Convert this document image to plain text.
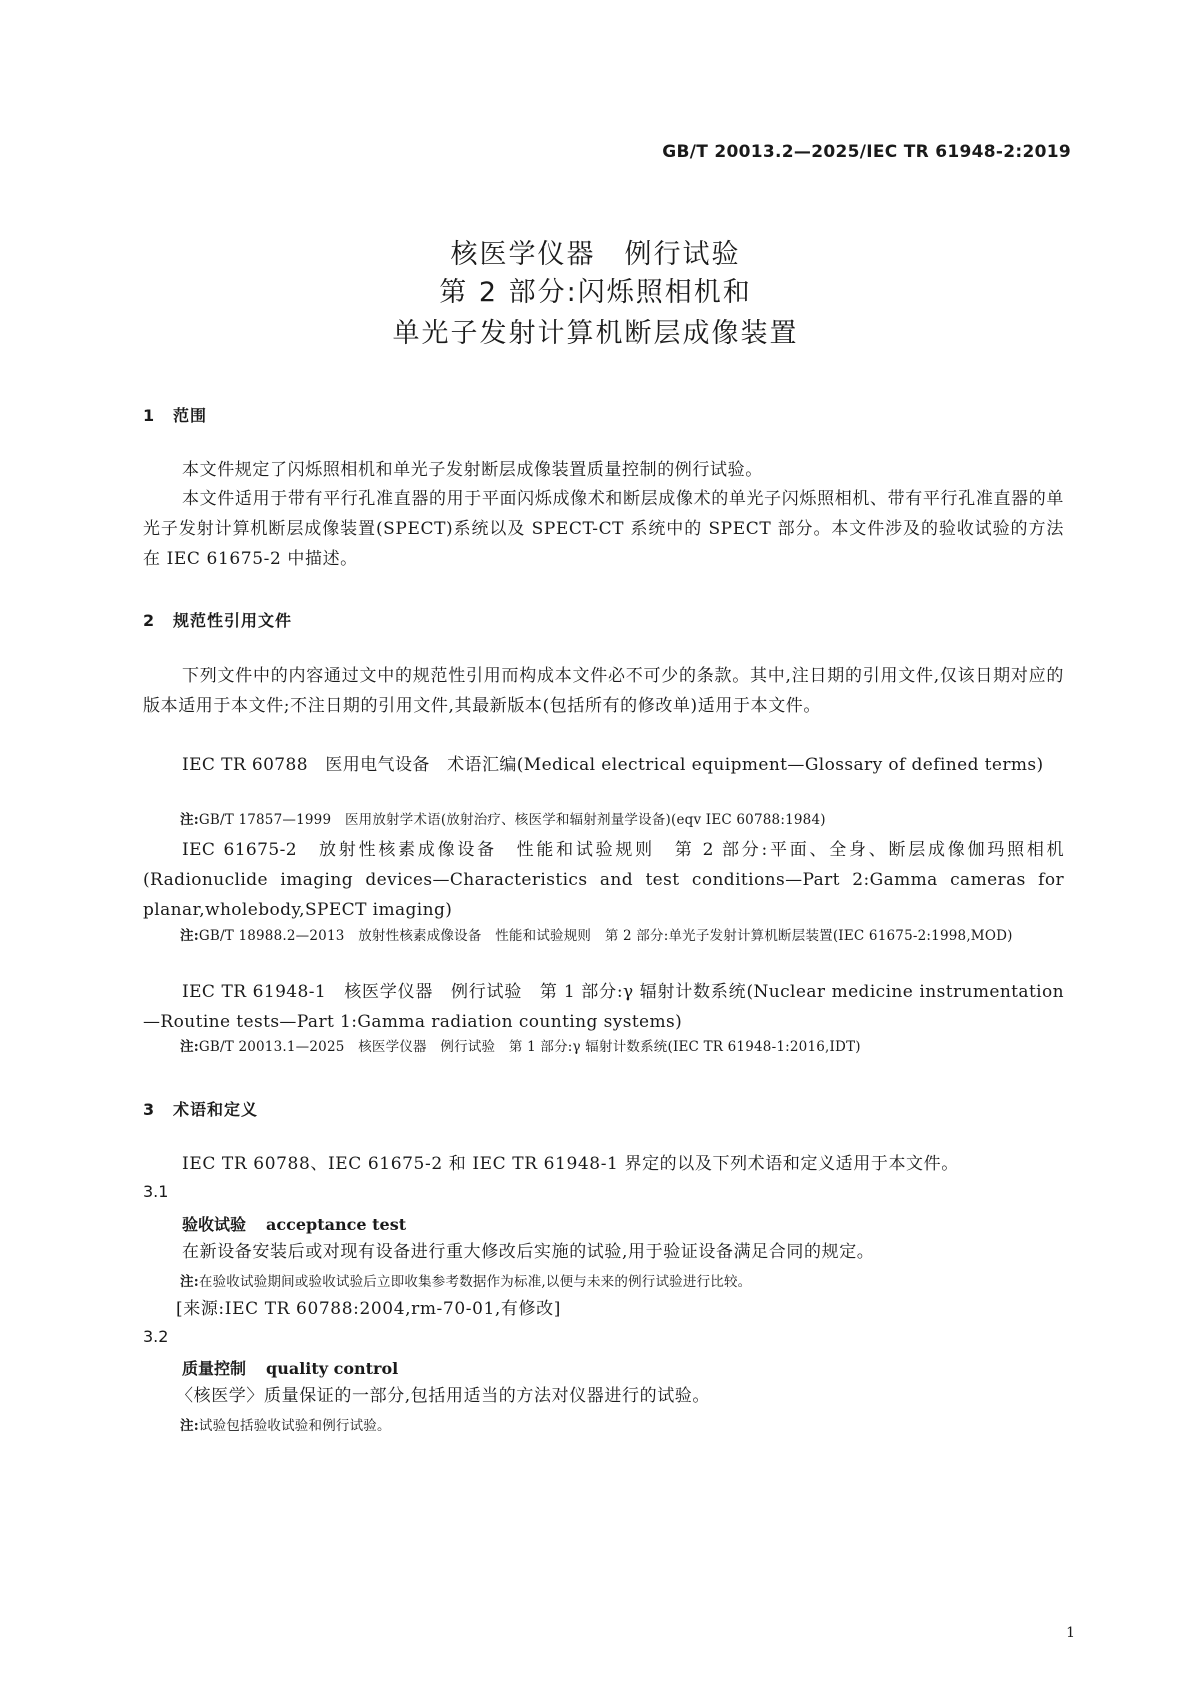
GB/T 20013.2—2025/IEC TR 61948-2:2019
核医学仪器　例行试验
第 2 部分:闪烁照相机和
单光子发射计算机断层成像装置
1 范围
本文件规定了闪烁照相机和单光子发射断层成像装置质量控制的例行试验。
本文件适用于带有平行孔准直器的用于平面闪烁成像术和断层成像术的单光子闪烁照相机、带有平行孔准直器的单光子发射计算机断层成像装置(SPECT)系统以及 SPECT-CT 系统中的 SPECT 部分。本文件涉及的验收试验的方法在 IEC 61675-2 中描述。
2 规范性引用文件
下列文件中的内容通过文中的规范性引用而构成本文件必不可少的条款。其中,注日期的引用文件,仅该日期对应的版本适用于本文件;不注日期的引用文件,其最新版本(包括所有的修改单)适用于本文件。
IEC TR 60788　医用电气设备　术语汇编(Medical electrical equipment—Glossary of defined terms)
注:GB/T 17857—1999　医用放射学术语(放射治疗、核医学和辐射剂量学设备)(eqv IEC 60788:1984)
IEC 61675-2　放射性核素成像设备　性能和试验规则　第 2 部分:平面、全身、断层成像伽玛照相机(Radionuclide imaging devices—Characteristics and test conditions—Part 2:Gamma cameras for planar,wholebody,SPECT imaging)
注:GB/T 18988.2—2013　放射性核素成像设备　性能和试验规则　第 2 部分:单光子发射计算机断层装置(IEC 61675-2:1998,MOD)
IEC TR 61948-1　核医学仪器　例行试验　第 1 部分:γ 辐射计数系统(Nuclear medicine instrumentation—Routine tests—Part 1:Gamma radiation counting systems)
注:GB/T 20013.1—2025　核医学仪器　例行试验　第 1 部分:γ 辐射计数系统(IEC TR 61948-1:2016,IDT)
3 术语和定义
IEC TR 60788、IEC 61675-2 和 IEC TR 61948-1 界定的以及下列术语和定义适用于本文件。
3.1
验收试验 acceptance test
在新设备安装后或对现有设备进行重大修改后实施的试验,用于验证设备满足合同的规定。
注:在验收试验期间或验收试验后立即收集参考数据作为标准,以便与未来的例行试验进行比较。
[来源:IEC TR 60788:2004,rm-70-01,有修改]
3.2
质量控制 quality control
〈核医学〉质量保证的一部分,包括用适当的方法对仪器进行的试验。
注:试验包括验收试验和例行试验。
1
